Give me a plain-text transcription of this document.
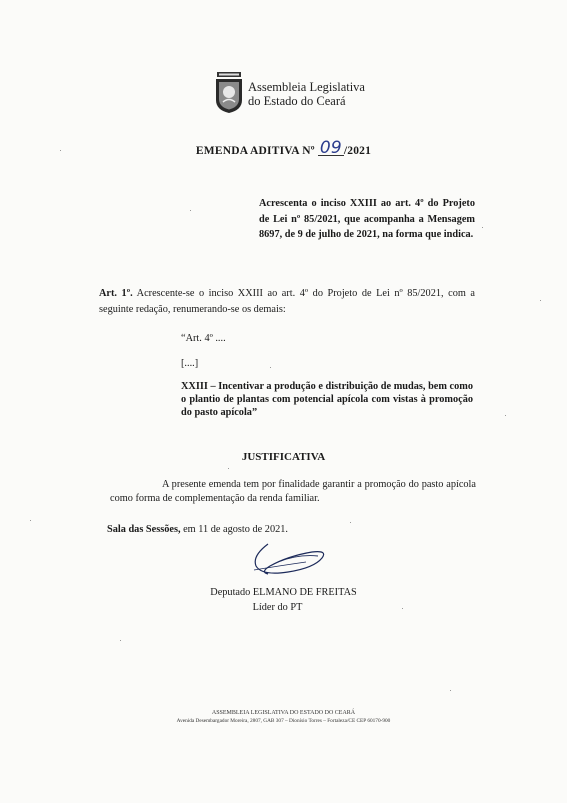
Assembleia Legislativa
do Estado do Ceará
EMENDA ADITIVA Nº 09 /2021
Acrescenta o inciso XXIII ao art. 4º do Projeto de Lei nº 85/2021, que acompanha a Mensagem 8697, de 9 de julho de 2021, na forma que indica.
Art. 1º. Acrescente-se o inciso XXIII ao art. 4º do Projeto de Lei nº 85/2021, com a seguinte redação, renumerando-se os demais:
“Art. 4º ....
[....]
XXIII – Incentivar a produção e distribuição de mudas, bem como o plantio de plantas com potencial apícola com vistas à promoção do pasto apícola”
JUSTIFICATIVA
A presente emenda tem por finalidade garantir a promoção do pasto apícola como forma de complementação da renda familiar.
Sala das Sessões, em 11 de agosto de 2021.
Deputado ELMANO DE FREITAS
Líder do PT
ASSEMBLEIA LEGISLATIVA DO ESTADO DO CEARÁ
Avenida Desembargador Moreira, 2807, GAB 307 – Dionísio Torres – Fortaleza/CE CEP 60170-900
